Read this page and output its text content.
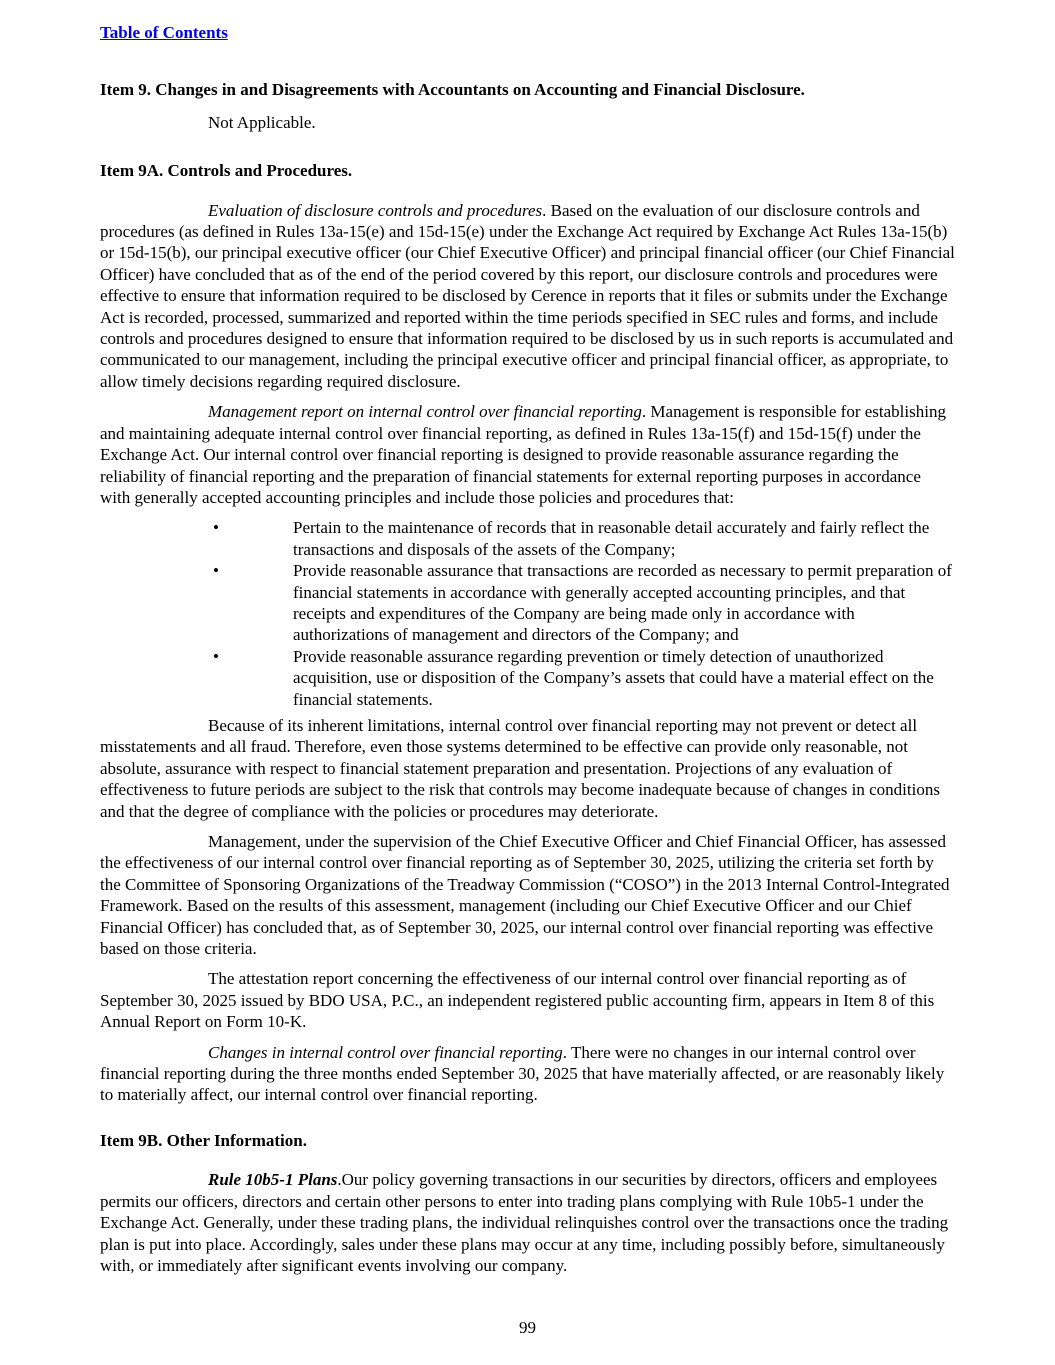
Table of Contents
Item 9. Changes in and Disagreements with Accountants on Accounting and Financial Disclosure.

Not Applicable.

Item 9A. Controls and Procedures.

Evaluation of disclosure controls and procedures. Based on the evaluation of our disclosure controls and procedures (as defined in Rules 13a-15(e) and 15d-15(e) under the Exchange Act required by Exchange Act Rules 13a-15(b) or 15d-15(b), our principal executive officer (our Chief Executive Officer) and principal financial officer (our Chief Financial Officer) have concluded that as of the end of the period covered by this report, our disclosure controls and procedures were effective to ensure that information required to be disclosed by Cerence in reports that it files or submits under the Exchange Act is recorded, processed, summarized and reported within the time periods specified in SEC rules and forms, and include controls and procedures designed to ensure that information required to be disclosed by us in such reports is accumulated and communicated to our management, including the principal executive officer and principal financial officer, as appropriate, to allow timely decisions regarding required disclosure.

Management report on internal control over financial reporting. Management is responsible for establishing and maintaining adequate internal control over financial reporting, as defined in Rules 13a-15(f) and 15d-15(f) under the Exchange Act. Our internal control over financial reporting is designed to provide reasonable assurance regarding the reliability of financial reporting and the preparation of financial statements for external reporting purposes in accordance with generally accepted accounting principles and include those policies and procedures that:

•	Pertain to the maintenance of records that in reasonable detail accurately and fairly reflect the transactions and disposals of the assets of the Company;
•	Provide reasonable assurance that transactions are recorded as necessary to permit preparation of financial statements in accordance with generally accepted accounting principles, and that receipts and expenditures of the Company are being made only in accordance with authorizations of management and directors of the Company; and
•	Provide reasonable assurance regarding prevention or timely detection of unauthorized acquisition, use or disposition of the Company’s assets that could have a material effect on the financial statements.

Because of its inherent limitations, internal control over financial reporting may not prevent or detect all misstatements and all fraud. Therefore, even those systems determined to be effective can provide only reasonable, not absolute, assurance with respect to financial statement preparation and presentation. Projections of any evaluation of effectiveness to future periods are subject to the risk that controls may become inadequate because of changes in conditions and that the degree of compliance with the policies or procedures may deteriorate.

Management, under the supervision of the Chief Executive Officer and Chief Financial Officer, has assessed the effectiveness of our internal control over financial reporting as of September 30, 2025, utilizing the criteria set forth by the Committee of Sponsoring Organizations of the Treadway Commission (“COSO”) in the 2013 Internal Control-Integrated Framework. Based on the results of this assessment, management (including our Chief Executive Officer and our Chief Financial Officer) has concluded that, as of September 30, 2025, our internal control over financial reporting was effective based on those criteria.

The attestation report concerning the effectiveness of our internal control over financial reporting as of September 30, 2025 issued by BDO USA, P.C., an independent registered public accounting firm, appears in Item 8 of this Annual Report on Form 10-K.

Changes in internal control over financial reporting. There were no changes in our internal control over financial reporting during the three months ended September 30, 2025 that have materially affected, or are reasonably likely to materially affect, our internal control over financial reporting.

Item 9B. Other Information.

Rule 10b5-1 Plans.Our policy governing transactions in our securities by directors, officers and employees permits our officers, directors and certain other persons to enter into trading plans complying with Rule 10b5-1 under the Exchange Act. Generally, under these trading plans, the individual relinquishes control over the transactions once the trading plan is put into place. Accordingly, sales under these plans may occur at any time, including possibly before, simultaneously with, or immediately after significant events involving our company.

99
